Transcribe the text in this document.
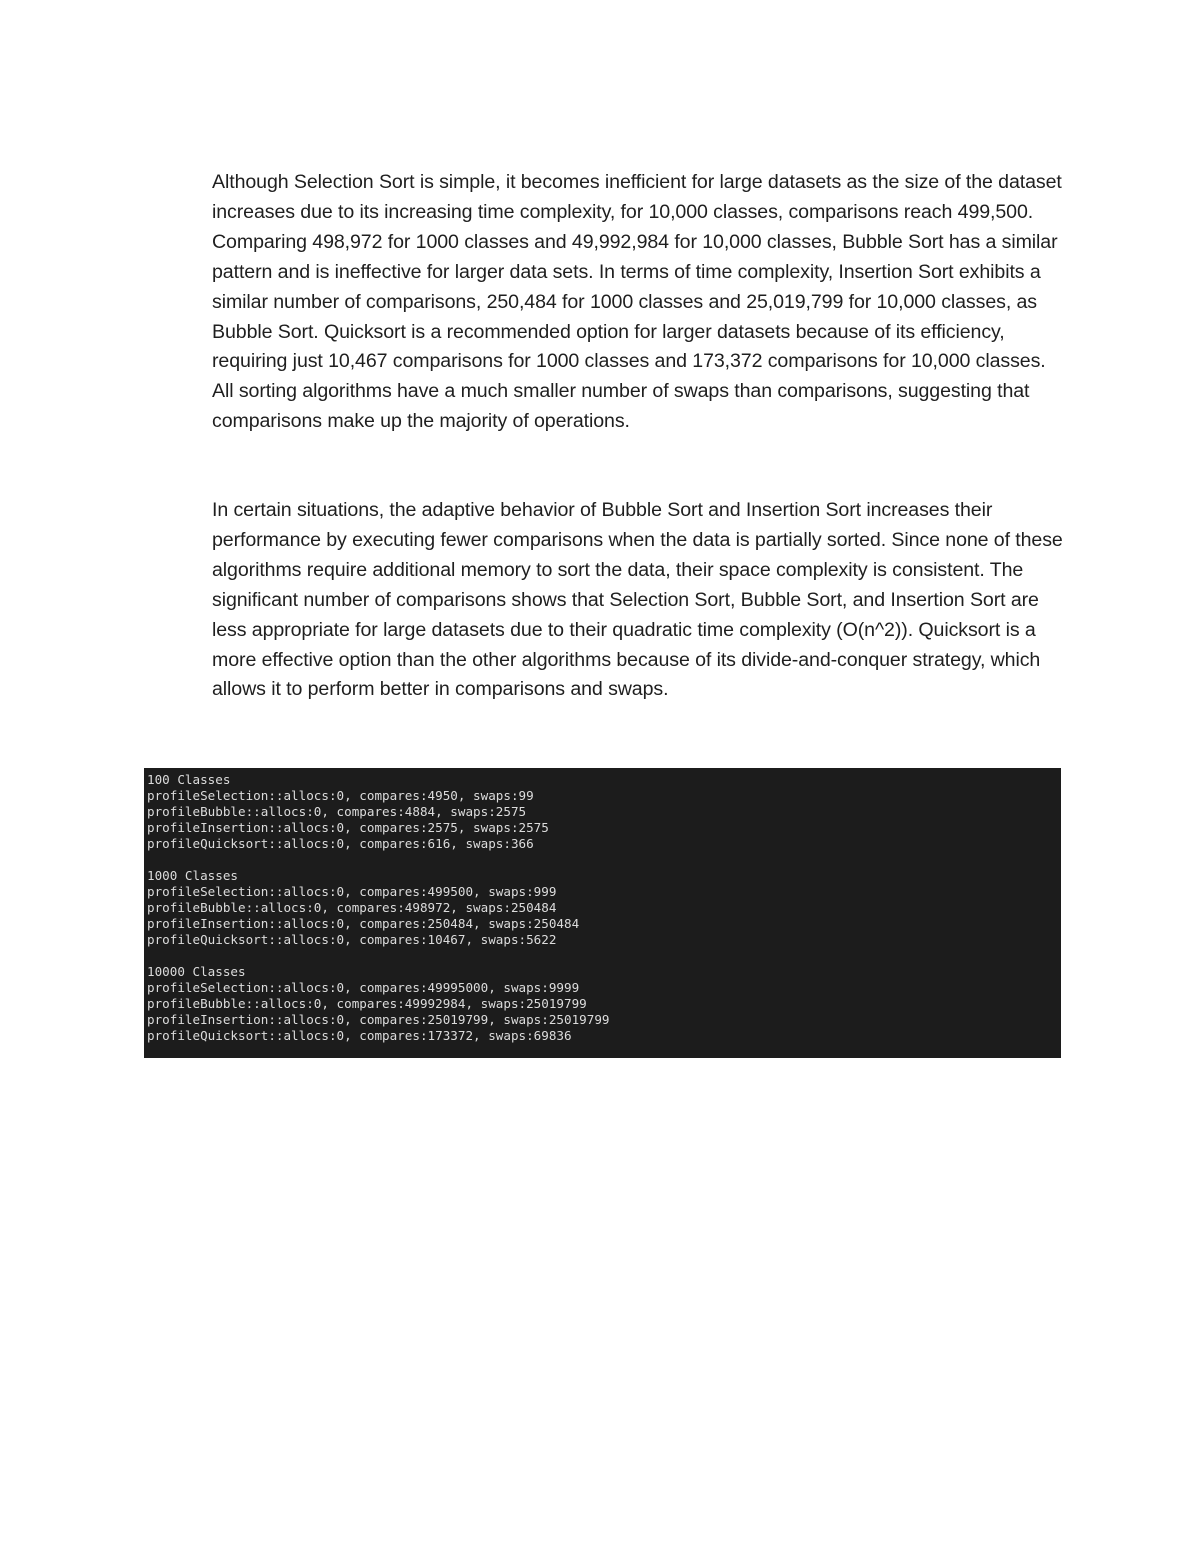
Although Selection Sort is simple, it becomes inefficient for large datasets as the size of the dataset increases due to its increasing time complexity, for 10,000 classes, comparisons reach 499,500. Comparing 498,972 for 1000 classes and 49,992,984 for 10,000 classes, Bubble Sort has a similar pattern and is ineffective for larger data sets. In terms of time complexity, Insertion Sort exhibits a similar number of comparisons, 250,484 for 1000 classes and 25,019,799 for 10,000 classes, as Bubble Sort. Quicksort is a recommended option for larger datasets because of its efficiency, requiring just 10,467 comparisons for 1000 classes and 173,372 comparisons for 10,000 classes. All sorting algorithms have a much smaller number of swaps than comparisons, suggesting that comparisons make up the majority of operations.

In certain situations, the adaptive behavior of Bubble Sort and Insertion Sort increases their performance by executing fewer comparisons when the data is partially sorted. Since none of these algorithms require additional memory to sort the data, their space complexity is consistent. The significant number of comparisons shows that Selection Sort, Bubble Sort, and Insertion Sort are less appropriate for large datasets due to their quadratic time complexity (O(n^2)). Quicksort is a more effective option than the other algorithms because of its divide-and-conquer strategy, which allows it to perform better in comparisons and swaps.

100 Classes
profileSelection::allocs:0, compares:4950, swaps:99
profileBubble::allocs:0, compares:4884, swaps:2575
profileInsertion::allocs:0, compares:2575, swaps:2575
profileQuicksort::allocs:0, compares:616, swaps:366

1000 Classes
profileSelection::allocs:0, compares:499500, swaps:999
profileBubble::allocs:0, compares:498972, swaps:250484
profileInsertion::allocs:0, compares:250484, swaps:250484
profileQuicksort::allocs:0, compares:10467, swaps:5622

10000 Classes
profileSelection::allocs:0, compares:49995000, swaps:9999
profileBubble::allocs:0, compares:49992984, swaps:25019799
profileInsertion::allocs:0, compares:25019799, swaps:25019799
profileQuicksort::allocs:0, compares:173372, swaps:69836
